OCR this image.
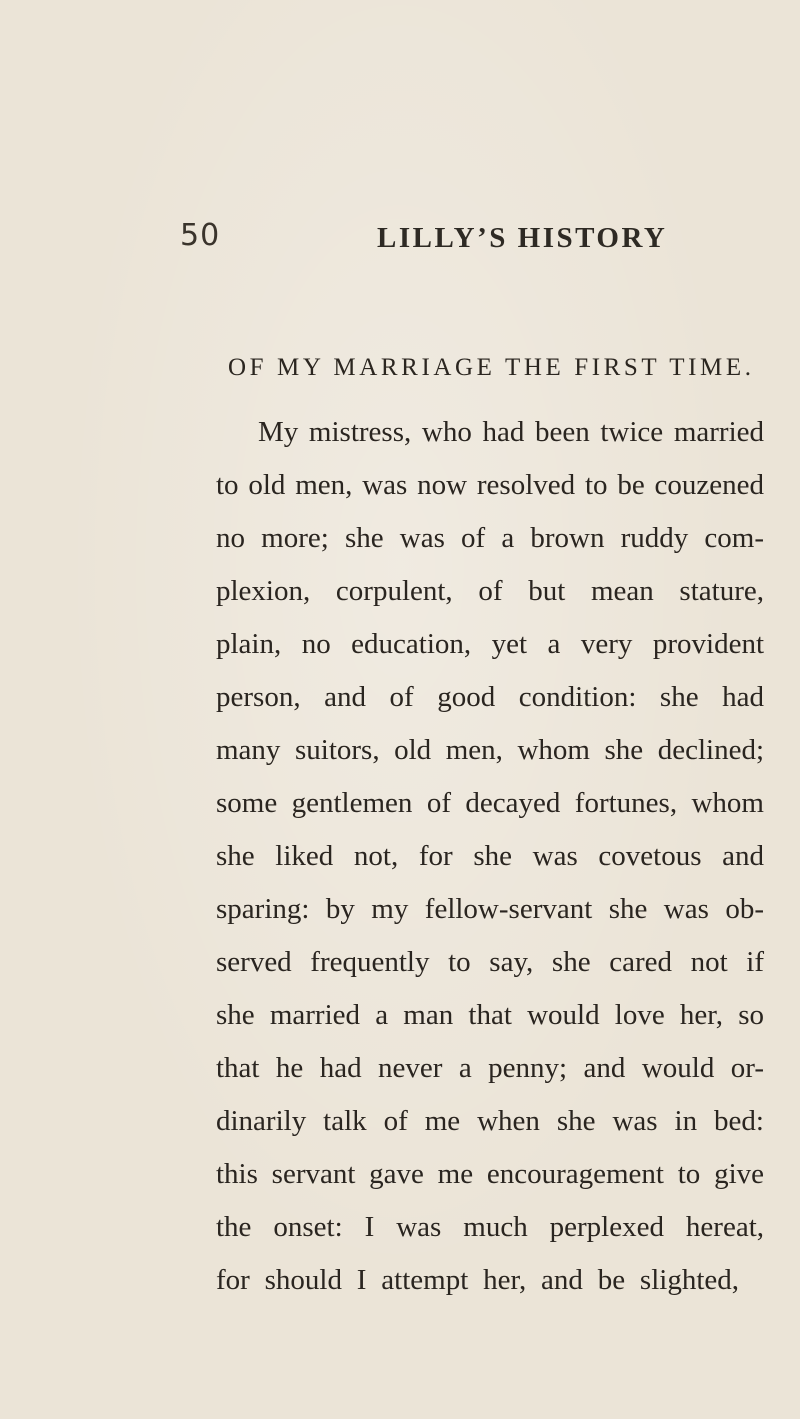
50	LILLY’S HISTORY
OF MY MARRIAGE THE FIRST TIME.
My mistress, who had been twice married
to old men, was now resolved to be couzened
no more; she was of a brown ruddy com-
plexion, corpulent, of but mean stature,
plain, no education, yet a very provident
person, and of good condition: she had
many suitors, old men, whom she declined;
some gentlemen of decayed fortunes, whom
she liked not, for she was covetous and
sparing: by my fellow-servant she was ob-
served frequently to say, she cared not if
she married a man that would love her, so
that he had never a penny; and would or-
dinarily talk of me when she was in bed:
this servant gave me encouragement to give
the onset: I was much perplexed hereat,
for should I attempt her, and be slighted,
